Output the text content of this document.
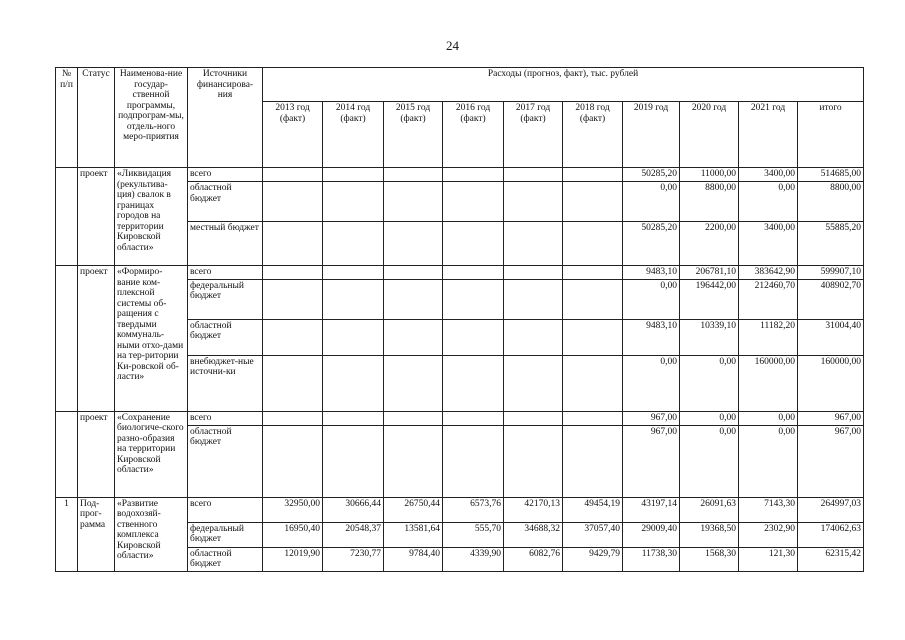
24
№ п/п	Статус	Наименова-ние государ-ственной программы, подпрограм-мы, отдель-ного меро-приятия	Источники финансирова-ния	Расходы (прогноз, факт), тыс. рублей									
				2013 год (факт)	2014 год (факт)	2015 год (факт)	2016 год (факт)	2017 год (факт)	2018 год (факт)	2019 год	2020 год	2021 год	итого
	проект	«Ликвидация (рекультива-ция) свалок в границах городов на территории Кировской области»	всего							50285,20	11000,00	3400,00	514685,00
			областной бюджет							0,00	8800,00	0,00	8800,00
			местный бюджет							50285,20	2200,00	3400,00	55885,20
	проект	«Формиро-вание ком-плексной системы об-ращения с твердыми коммуналь-ными отхо-дами на тер-ритории Ки-ровской об-ласти»	всего							9483,10	206781,10	383642,90	599907,10
			федеральный бюджет							0,00	196442,00	212460,70	408902,70
			областной бюджет							9483,10	10339,10	11182,20	31004,40
			внебюджет-ные источни-ки							0,00	0,00	160000,00	160000,00
	проект	«Сохранение биологиче-ского разно-образия на территории Кировской области»	всего							967,00	0,00	0,00	967,00
			областной бюджет							967,00	0,00	0,00	967,00
1	Под-прог-рамма	«Развитие водохозяй-ственного комплекса Кировской области»	всего	32950,00	30666,44	26750,44	6573,76	42170,13	49454,19	43197,14	26091,63	7143,30	264997,03
			федеральный бюджет	16950,40	20548,37	13581,64	555,70	34688,32	37057,40	29009,40	19368,50	2302,90	174062,63
			областной бюджет	12019,90	7230,77	9784,40	4339,90	6082,76	9429,79	11738,30	1568,30	121,30	62315,42
